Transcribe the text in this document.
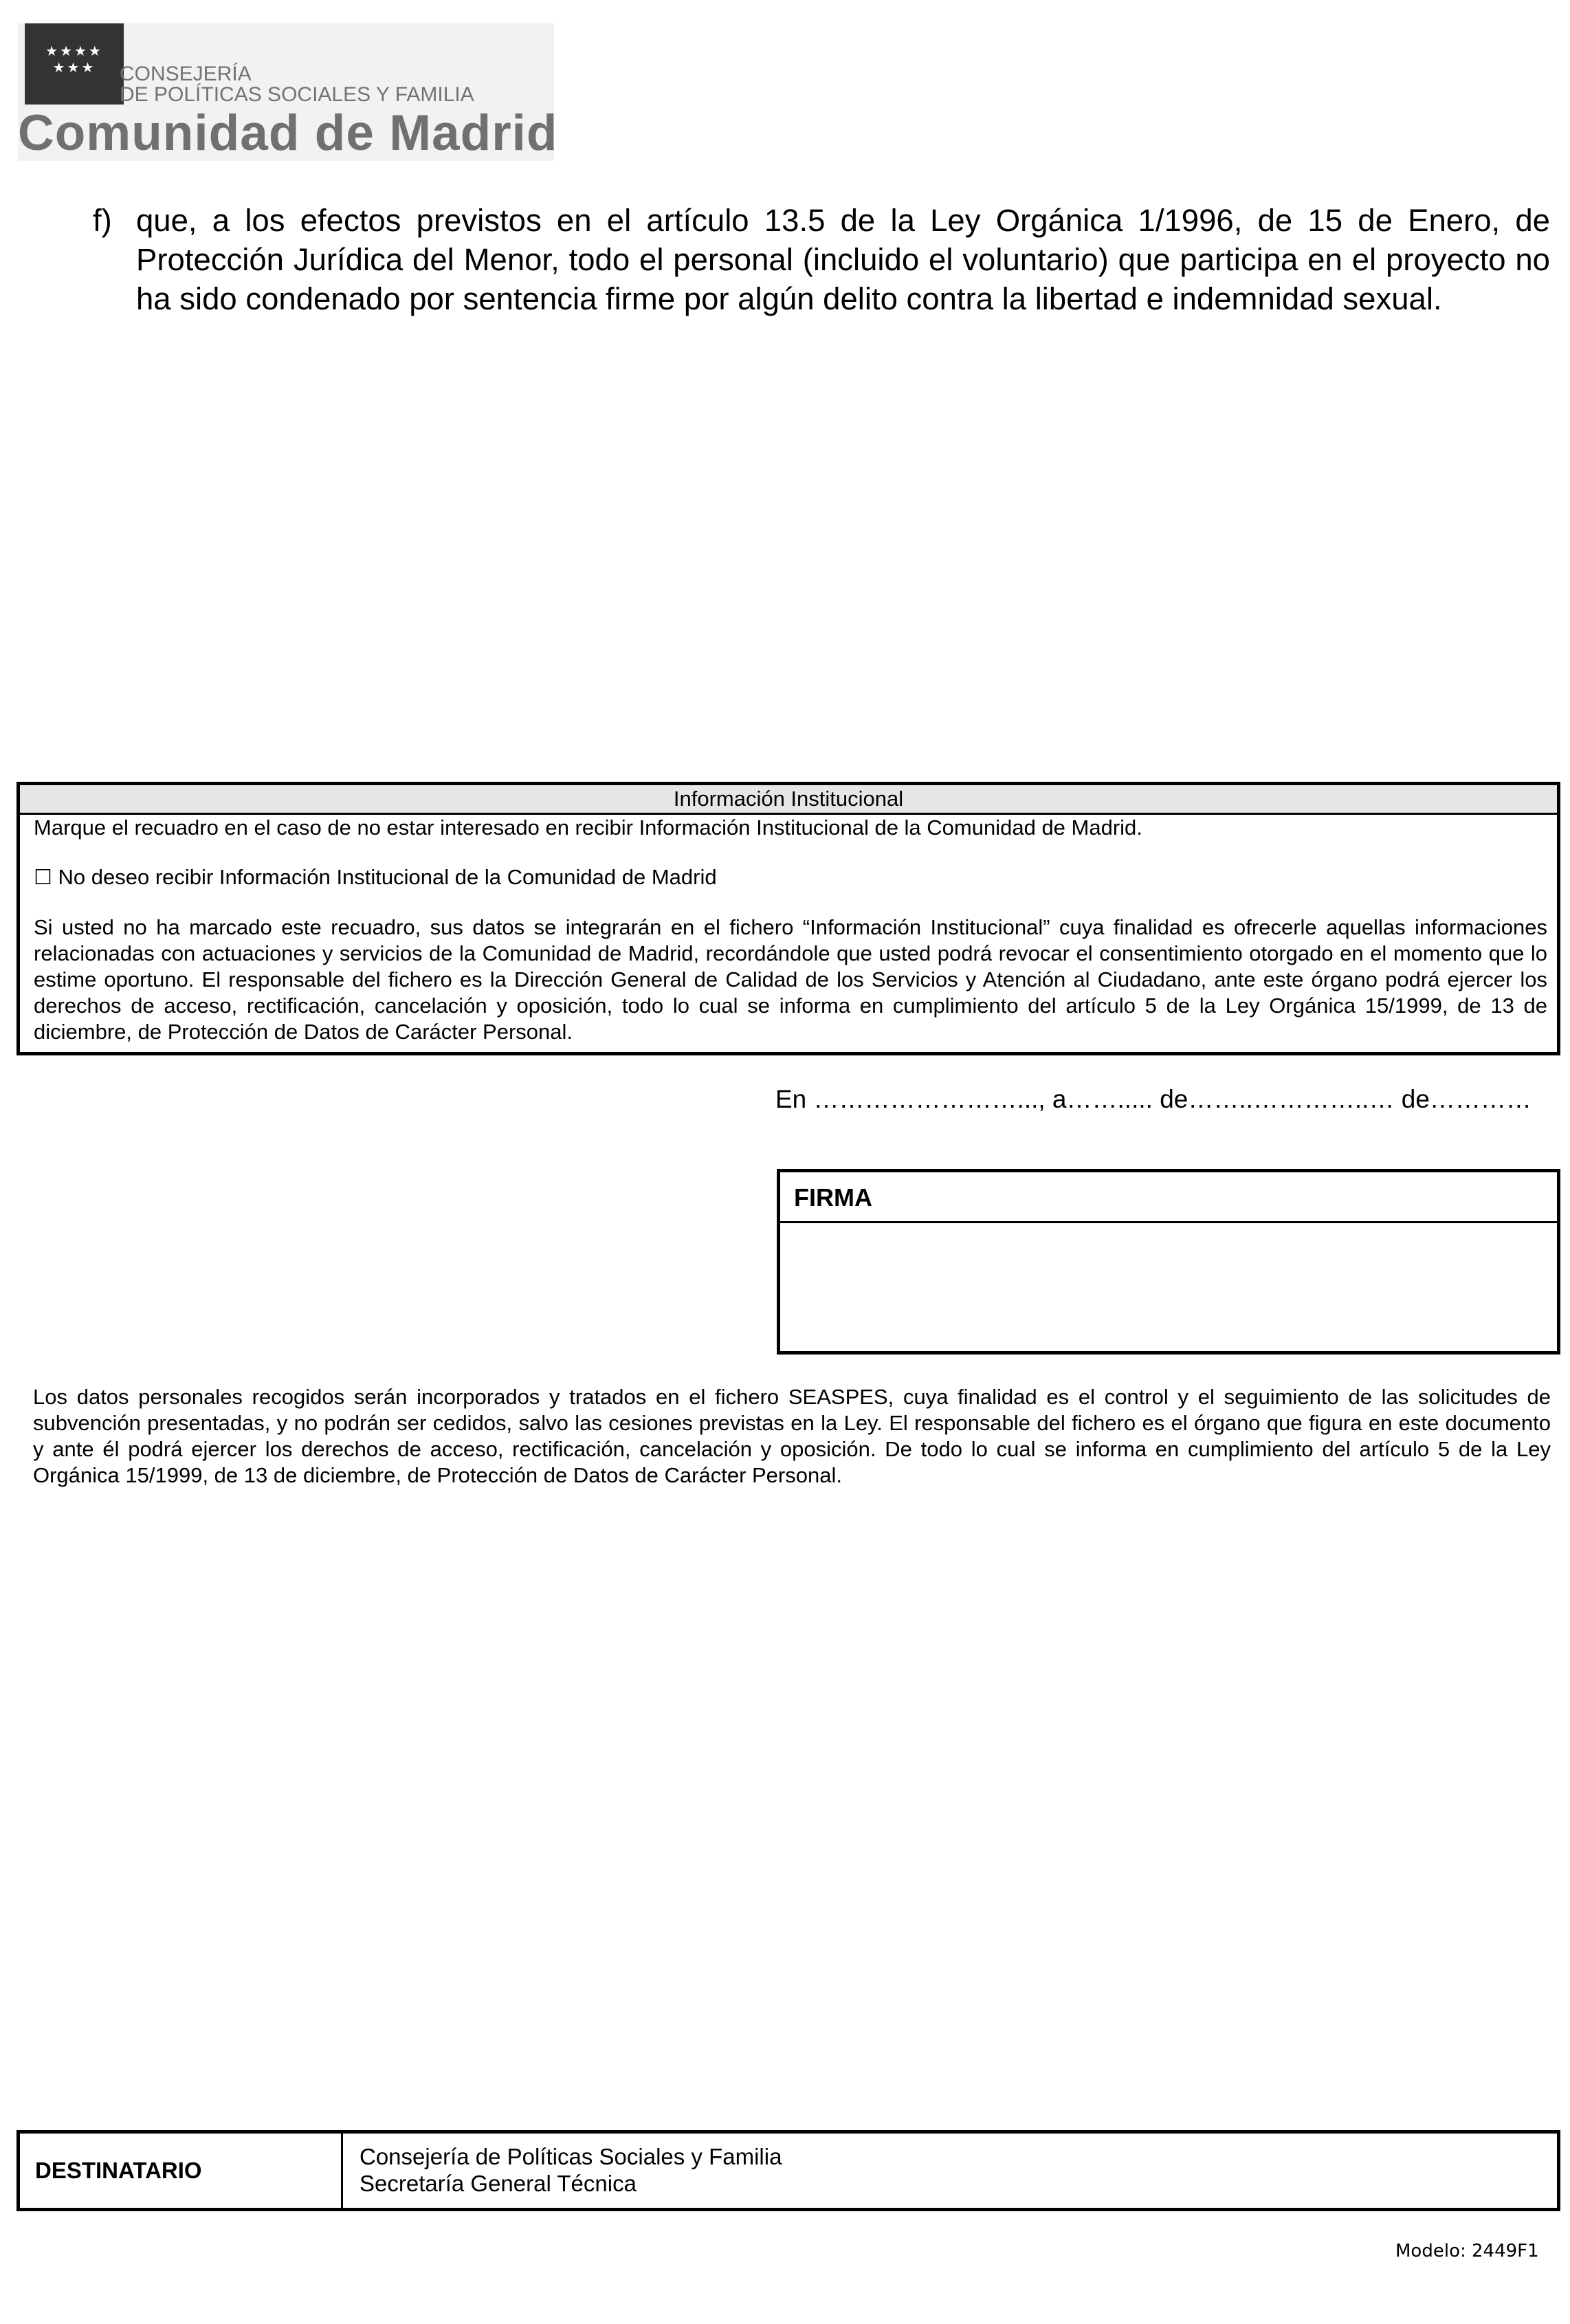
★★★★
★★★	CONSEJERÍA
DE POLÍTICAS SOCIALES Y FAMILIA
Comunidad de Madrid
f) que, a los efectos previstos en el artículo 13.5 de la Ley Orgánica 1/1996, de 15 de Enero, de Protección Jurídica del Menor, todo el personal (incluido el voluntario) que participa en el proyecto no ha sido condenado por sentencia firme por algún delito contra la libertad e indemnidad sexual.
Información Institucional

Marque el recuadro en el caso de no estar interesado en recibir Información Institucional de la Comunidad de Madrid.

☐ No deseo recibir Información Institucional de la Comunidad de Madrid

Si usted no ha marcado este recuadro, sus datos se integrarán en el fichero “Información Institucional” cuya finalidad es ofrecerle aquellas informaciones relacionadas con actuaciones y servicios de la Comunidad de Madrid, recordándole que usted podrá revocar el consentimiento otorgado en el momento que lo estime oportuno. El responsable del fichero es la Dirección General de Calidad de los Servicios y Atención al Ciudadano, ante este órgano podrá ejercer los derechos de acceso, rectificación, cancelación y oposición, todo lo cual se informa en cumplimiento del artículo 5 de la Ley Orgánica 15/1999, de 13 de diciembre, de Protección de Datos de Carácter Personal.

En ……………………..., a……..... de……..…………..… de…………
FIRMA

Los datos personales recogidos serán incorporados y tratados en el fichero SEASPES, cuya finalidad es el control y el seguimiento de las solicitudes de subvención presentadas, y no podrán ser cedidos, salvo las cesiones previstas en la Ley. El responsable del fichero es el órgano que figura en este documento y ante él podrá ejercer los derechos de acceso, rectificación, cancelación y oposición. De todo lo cual se informa en cumplimiento del artículo 5 de la Ley Orgánica 15/1999, de 13 de diciembre, de Protección de Datos de Carácter Personal.

DESTINATARIO
Consejería de Políticas Sociales y Familia
Secretaría General Técnica
Modelo: 2449F1
